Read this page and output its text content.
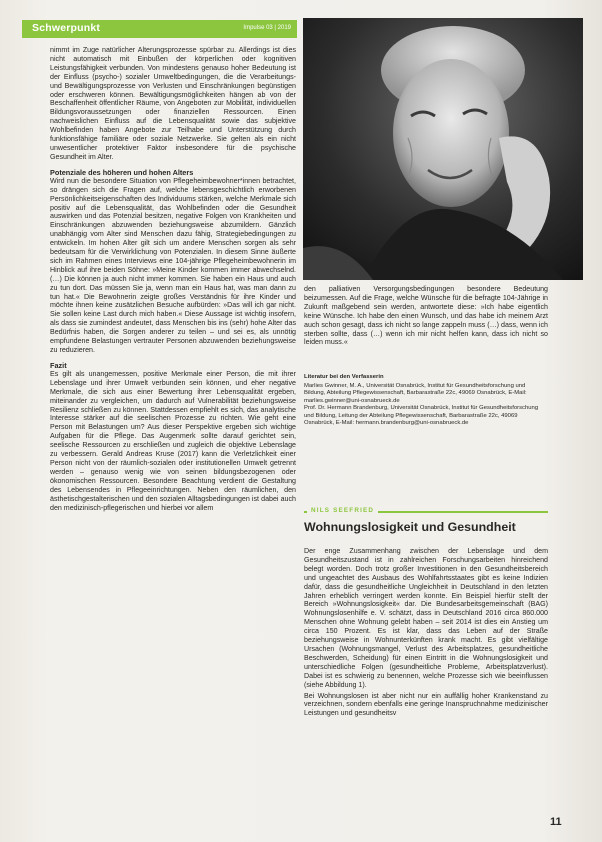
Schwerpunkt	Impulse 03 | 2019

nimmt im Zuge natürlicher Alterungsprozesse spürbar zu. Allerdings ist dies nicht automatisch mit Einbußen der körperlichen oder kognitiven Leistungsfähigkeit verbunden. Von mindestens genauso hoher Bedeutung ist der Einfluss (psycho-) sozialer Umweltbedingungen, die die Verarbeitungs- und Bewältigungsprozesse von Verlusten und Einschränkungen begünstigen oder erschweren können. Bewältigungsmöglichkeiten hängen ab von der Beschaffenheit öffentlicher Räume, von Angeboten zur Mobilität, individuellen Bildungsvoraussetzungen oder finanziellen Ressourcen. Einen nachweislichen Einfluss auf die Lebensqualität sowie das subjektive Wohlbefinden haben Angebote zur Teilhabe und Unterstützung durch funktionsfähige familiäre oder soziale Netzwerke. Sie gelten als ein nicht unwesentlicher protektiver Faktor insbesondere für die psychische Gesundheit im Alter.

Potenziale des höheren und hohen Alters

Wird nun die besondere Situation von Pflegeheimbewohner*innen betrachtet, so drängen sich die Fragen auf, welche lebensgeschichtlich erworbenen Persönlichkeitseigenschaften des Individuums stärken, welche Merkmale sich positiv auf die Lebensqualität, das Wohlbefinden oder die Gesundheit auswirken und das Potenzial besitzen, negative Folgen von Krankheiten und Einschränkungen abzuwenden beziehungsweise abzumildern. Gänzlich unabhängig vom Alter sind Menschen dazu fähig, Strategiebedingungen zu entwickeln. Im hohen Alter gilt sich um andere Menschen sorgen als sehr bedeutsam für die Verwirklichung von Potenzialen. In diesem Sinne äußerte sich im Rahmen eines Interviews eine 104-jährige Pflegeheimbewohnerin im Hinblick auf ihre beiden Söhne: »Meine Kinder kommen immer abwechselnd. (…) Die können ja auch nicht immer kommen. Sie haben ein Haus und auch zu tun dort. Das müssen Sie ja, wenn man ein Haus hat, was man dann zu tun hat.« Die Bewohnerin zeigte großes Verständnis für ihre Kinder und möchte ihnen keine zusätzlichen Besuche aufbürden: »Das will ich gar nicht. Sie sollen keine Last durch mich haben.« Diese Aussage ist wichtig insofern, als dass sie zumindest andeutet, dass Menschen bis ins (sehr) hohe Alter das Bedürfnis haben, die Sorgen anderer zu teilen – und sei es, als unnötig empfundene Belastungen vertrauter Personen abzuwenden beziehungsweise zu reduzieren.

Fazit

Es gilt als unangemessen, positive Merkmale einer Person, die mit ihrer Lebenslage und ihrer Umwelt verbunden sein können, und eher negative Merkmale, die sich aus einer Bewertung ihrer Lebensqualität ergeben, miteinander zu vergleichen, um dadurch auf Vulnerabilität beziehungsweise Resilienz schließen zu können. Stattdessen empfiehlt es sich, das analytische Interesse stärker auf die seelischen Prozesse zu richten. Wie geht eine Person mit Belastungen um? Aus dieser Perspektive ergeben sich wichtige Aufgaben für die Pflege. Das Augenmerk sollte darauf gerichtet sein, seelische Ressourcen zu erschließen und zugleich die objektive Lebenslage zu verbessern. Gerald Andreas Kruse (2017) kann die Verletzlichkeit einer Person nicht von der räumlich-sozialen oder institutionellen Umwelt getrennt werden – genauso wenig wie von seinen bildungsbezogenen oder ökonomischen Ressourcen. Besondere Beachtung verdient die Gestaltung des Lebensendes in Pflegeeinrichtungen. Neben den räumlichen, den ästhetischgestalterischen und den sozialen Alltagsbedingungen ist dabei auch den medizinisch-pflegerischen und hierbei vor allem

den palliativen Versorgungsbedingungen besondere Bedeutung beizumessen. Auf die Frage, welche Wünsche für die befragte 104-Jährige in Zukunft maßgebend sein werden, antwortete diese: »Ich habe eigentlich keine Wünsche. Ich habe den einen Wunsch, und das habe ich meinem Arzt auch schon gesagt, dass ich nicht so lange zappeln muss (…) dass, wenn ich sterben sollte, dass (…) wenn ich mir nicht helfen kann, dass ich nicht so leiden muss.«

Literatur bei den Verfasserin

Marlies Gwinner, M. A., Universität Osnabrück, Institut für Gesundheitsforschung und Bildung, Abteilung Pflegewissenschaft, Barbarastraße 22c, 49069 Osnabrück, E-Mail: marlies.gwinner@uni-osnabrueck.de

Prof. Dr. Hermann Brandenburg, Universität Osnabrück, Institut für Gesundheitsforschung und Bildung, Leitung der Abteilung Pflegewissenschaft, Barbarastraße 22c, 49069 Osnabrück, E-Mail: hermann.brandenburg@uni-osnabrueck.de

NILS SEEFRIED
Wohnungslosigkeit und Gesundheit

Der enge Zusammenhang zwischen der Lebenslage und dem Gesundheitszustand ist in zahlreichen Forschungsarbeiten hinreichend belegt worden. Doch trotz großer Investitionen in den Gesundheitsbereich und ungeachtet des Ausbaus des Wohlfahrtsstaates gibt es keine Indizien dafür, dass die gesundheitliche Ungleichheit in Deutschland in den letzten Jahren erheblich verringert werden konnte. Ein Beispiel hierfür stellt der Bereich »Wohnungslosigkeit« dar. Die Bundesarbeitsgemeinschaft (BAG) Wohnungslosenhilfe e. V. schätzt, dass in Deutschland 2016 circa 860.000 Menschen ohne Wohnung gelebt haben – seit 2014 ist dies ein Anstieg um circa 150 Prozent. Es ist klar, dass das Leben auf der Straße beziehungsweise in Wohnunterkünften krank macht. Es gibt vielfältige Ursachen (Wohnungsmangel, Verlust des Arbeitsplatzes, gesundheitliche Beschwerden, Scheidung) für einen Eintritt in die Wohnungslosigkeit und unterschiedliche Folgen (gesundheitliche Probleme, Arbeitsplatzverlust). Dabei ist es schwierig zu benennen, welche Prozesse sich wie beeinflussen (siehe Abbildung 1).

Bei Wohnungslosen ist aber nicht nur ein auffällig hoher Krankenstand zu verzeichnen, sondern ebenfalls eine geringe Inanspruchnahme medizinischer Leistungen und gesundheitsv

11
